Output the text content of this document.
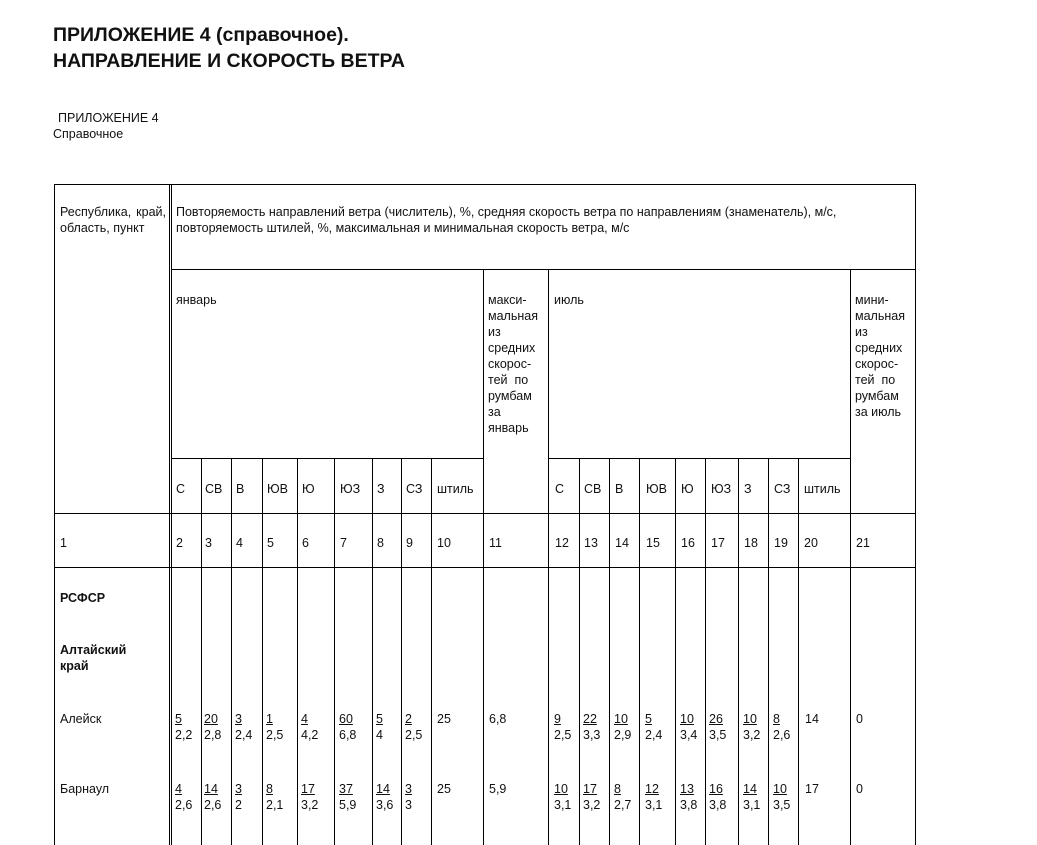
ПРИЛОЖЕНИЕ 4 (справочное).
НАПРАВЛЕНИЕ И СКОРОСТЬ ВЕТРА
ПРИЛОЖЕНИЕ 4
Справочное
Республика, край, область, пункт
Повторяемость направлений ветра (числитель), %, средняя скорость ветра по направлениям (знаменатель), м/с, повторяемость штилей, %, максимальная и минимальная скорость ветра, м/с
январь	июль
макси-
мальная
из
средних
скорос-
тей  по
румбам
за
январь
мини-
мальная
из
средних
скорос-
тей  по
румбам
за июль
С СВ В ЮВ Ю ЮЗ З СЗ штиль	С СВ В ЮВ Ю ЮЗ З СЗ штиль
1	2 3 4 5 6 7 8 9 10	11	12 13 14 15 16 17 18 19 20	21
РСФСР
Алтайский край
Алейск	$\frac{5}{2,2} \frac{20}{2,8} \frac{3}{2,4} \frac{1}{2,5} \frac{4}{4,2} \frac{60}{6,8} \frac{5}{4} \frac{2}{2,5} 25$	6,8	$\frac{9}{2,5} \frac{22}{3,3} \frac{10}{2,9} \frac{5}{2,4} \frac{10}{3,4} \frac{26}{3,5} \frac{10}{3,2} \frac{8}{2,6} 14$	0
Барнаул	$\frac{4}{2,6} \frac{14}{2,6} \frac{3}{2} \frac{8}{2,1} \frac{17}{3,2} \frac{37}{5,9} \frac{14}{3,6} \frac{3}{3} 25$	5,9	$\frac{10}{3,1} \frac{17}{3,2} \frac{8}{2,7} \frac{12}{3,1} \frac{13}{3,8} \frac{16}{3,8} \frac{14}{3,1} \frac{10}{3,5} 17$	0
